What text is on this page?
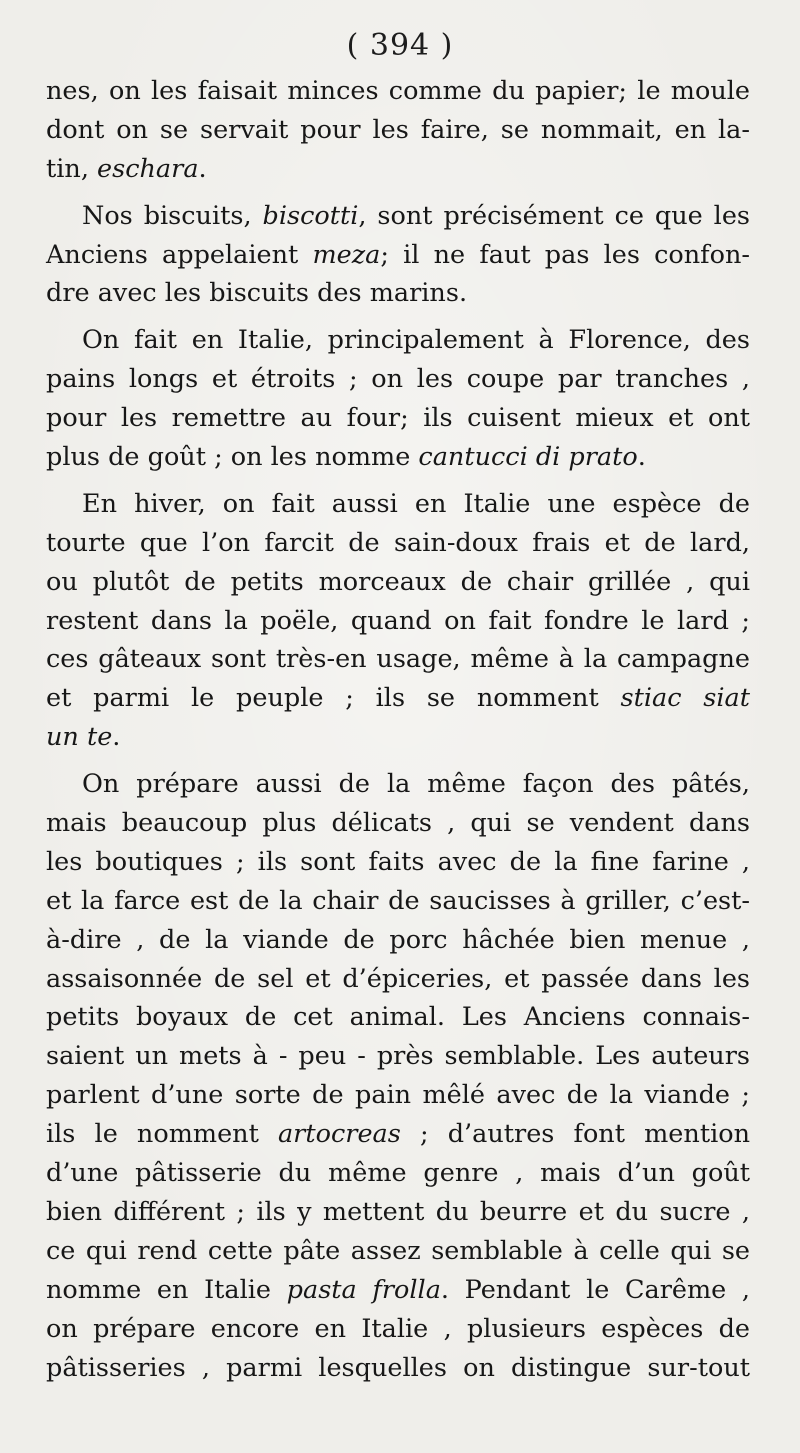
( 394 )
nes, on les faisait minces comme du papier; le moule
dont on se servait pour les faire, se nommait, en la-
tin, eschara.
Nos biscuits, biscotti, sont précisément ce que les
Anciens appelaient meza; il ne faut pas les confon-
dre avec les biscuits des marins.
On fait en Italie, principalement à Florence, des
pains longs et étroits ; on les coupe par tranches ,
pour les remettre au four; ils cuisent mieux et ont
plus de goût ; on les nomme cantucci di prato.
En hiver, on fait aussi en Italie une espèce de
tourte que l’on farcit de sain-doux frais et de lard,
ou plutôt de petits morceaux de chair grillée , qui
restent dans la poële, quand on fait fondre le lard ;
ces gâteaux sont très-en usage, même à la campagne
et parmi le peuple ; ils se nomment stiac siat
un te.
On prépare aussi de la même façon des pâtés,
mais beaucoup plus délicats , qui se vendent dans
les boutiques ; ils sont faits avec de la fine farine ,
et la farce est de la chair de saucisses à griller, c’est-
à-dire , de la viande de porc hâchée bien menue ,
assaisonnée de sel et d’épiceries, et passée dans les
petits boyaux de cet animal. Les Anciens connais-
saient un mets à - peu - près semblable. Les auteurs
parlent d’une sorte de pain mêlé avec de la viande ;
ils le nomment artocreas ; d’autres font mention
d’une pâtisserie du même genre , mais d’un goût
bien différent ; ils y mettent du beurre et du sucre ,
ce qui rend cette pâte assez semblable à celle qui se
nomme en Italie pasta frolla. Pendant le Carême ,
on prépare encore en Italie , plusieurs espèces de
pâtisseries , parmi lesquelles on distingue sur-tout
